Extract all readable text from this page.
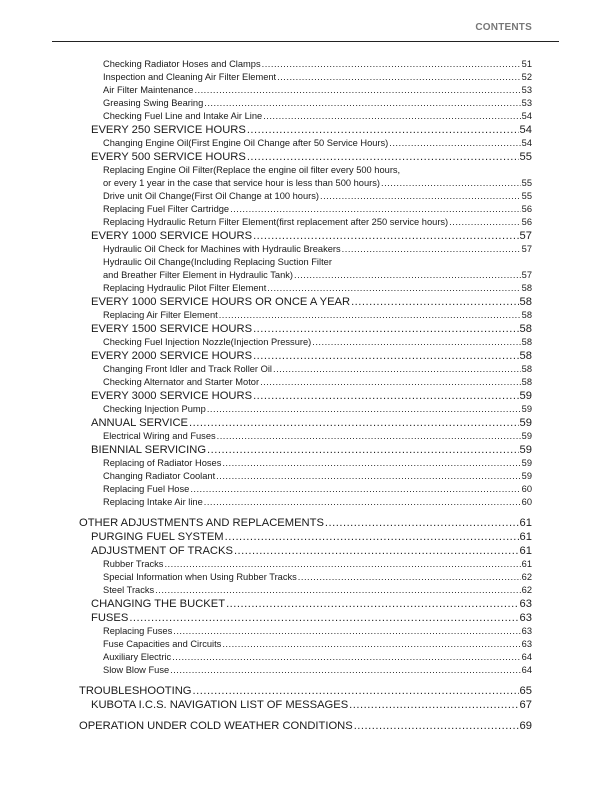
CONTENTS
Checking Radiator Hoses and Clamps .....	51
Inspection and Cleaning Air Filter Element .....	52
Air Filter Maintenance .....	53
Greasing Swing Bearing .....	53
Checking Fuel Line and Intake Air Line .....	54
EVERY 250 SERVICE HOURS .....	54
Changing Engine Oil(First Engine Oil Change after 50 Service Hours) .....	54
EVERY 500 SERVICE HOURS .....	55
Replacing Engine Oil Filter(Replace the engine oil filter every 500 hours,
or every 1 year in the case that service hour is less than 500 hours) .....	55
Drive unit Oil Change(First Oil Change at 100 hours) .....	55
Replacing Fuel Filter Cartridge .....	56
Replacing Hydraulic Return Filter Element(first replacement after 250 service hours) .....	56
EVERY 1000 SERVICE HOURS .....	57
Hydraulic Oil Check for Machines with Hydraulic Breakers .....	57
Hydraulic Oil Change(Including Replacing Suction Filter
and Breather Filter Element in Hydraulic Tank) .....	57
Replacing Hydraulic Pilot Filter Element .....	58
EVERY 1000 SERVICE HOURS OR ONCE A YEAR .....	58
Replacing Air Filter Element .....	58
EVERY 1500 SERVICE HOURS .....	58
Checking Fuel Injection Nozzle(Injection Pressure) .....	58
EVERY 2000 SERVICE HOURS .....	58
Changing Front Idler and Track Roller Oil .....	58
Checking Alternator and Starter Motor .....	58
EVERY 3000 SERVICE HOURS .....	59
Checking Injection Pump .....	59
ANNUAL SERVICE .....	59
Electrical Wiring and Fuses .....	59
BIENNIAL SERVICING .....	59
Replacing of Radiator Hoses .....	59
Changing Radiator Coolant .....	59
Replacing Fuel Hose .....	60
Replacing Intake Air line .....	60
OTHER ADJUSTMENTS AND REPLACEMENTS .....	61
PURGING FUEL SYSTEM .....	61
ADJUSTMENT OF TRACKS .....	61
Rubber Tracks .....	61
Special Information when Using Rubber Tracks .....	62
Steel Tracks .....	62
CHANGING THE BUCKET .....	63
FUSES .....	63
Replacing Fuses .....	63
Fuse Capacities and Circuits .....	63
Auxiliary Electric .....	64
Slow Blow Fuse .....	64
TROUBLESHOOTING .....	65
KUBOTA I.C.S. NAVIGATION LIST OF MESSAGES .....	67
OPERATION UNDER COLD WEATHER CONDITIONS .....	69
